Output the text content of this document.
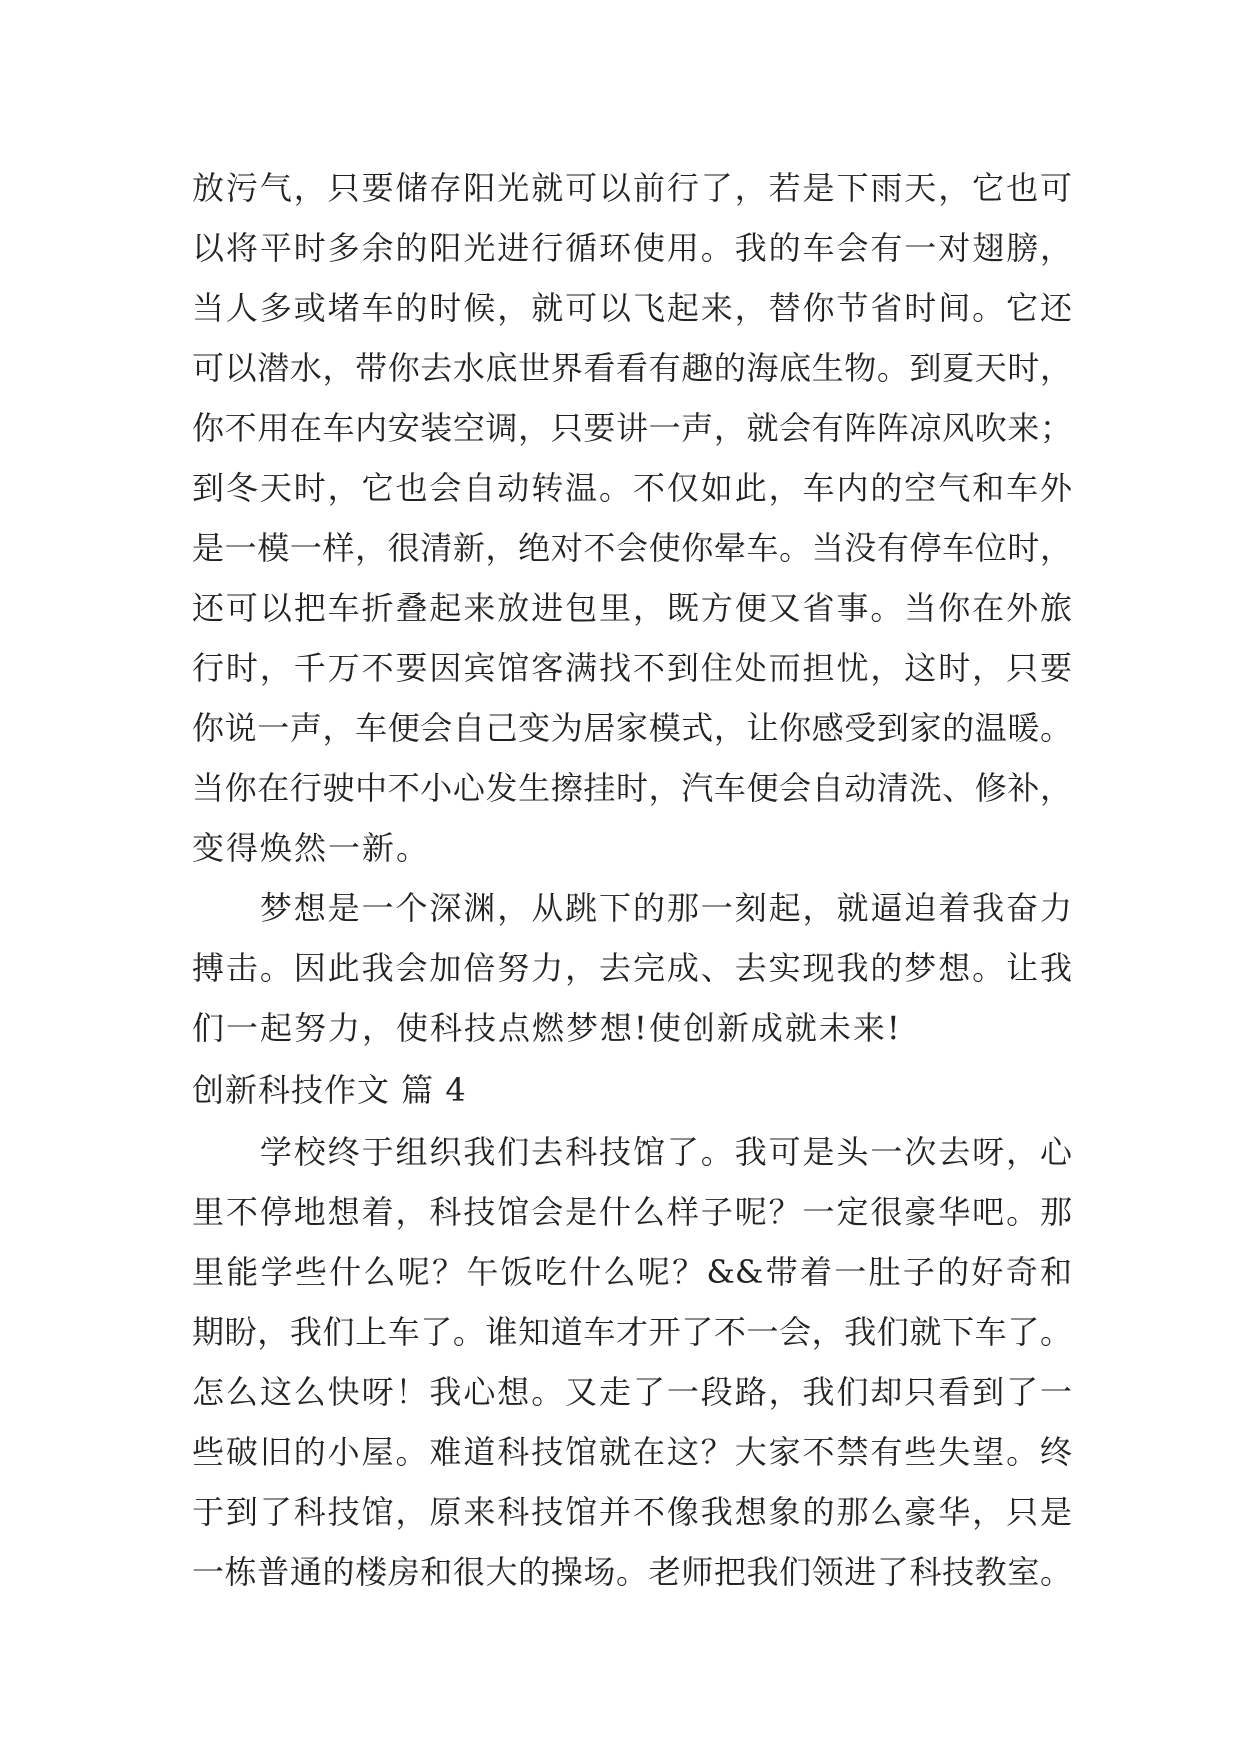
放污气，只要储存阳光就可以前行了，若是下雨天，它也可
以将平时多余的阳光进行循环使用。我的车会有一对翅膀，
当人多或堵车的时候，就可以飞起来，替你节省时间。它还
可以潜水，带你去水底世界看看有趣的海底生物。到夏天时，
你不用在车内安装空调，只要讲一声，就会有阵阵凉风吹来；
到冬天时，它也会自动转温。不仅如此，车内的空气和车外
是一模一样，很清新，绝对不会使你晕车。当没有停车位时，
还可以把车折叠起来放进包里，既方便又省事。当你在外旅
行时，千万不要因宾馆客满找不到住处而担忧，这时，只要
你说一声，车便会自己变为居家模式，让你感受到家的温暖。
当你在行驶中不小心发生擦挂时，汽车便会自动清洗、修补，
变得焕然一新。
　　梦想是一个深渊，从跳下的那一刻起，就逼迫着我奋力
搏击。因此我会加倍努力，去完成、去实现我的梦想。让我
们一起努力，使科技点燃梦想!使创新成就未来!
创新科技作文 篇 4
　　学校终于组织我们去科技馆了。我可是头一次去呀，心
里不停地想着，科技馆会是什么样子呢？一定很豪华吧。那
里能学些什么呢？午饭吃什么呢？&&带着一肚子的好奇和
期盼，我们上车了。谁知道车才开了不一会，我们就下车了。
怎么这么快呀！我心想。又走了一段路，我们却只看到了一
些破旧的小屋。难道科技馆就在这？大家不禁有些失望。终
于到了科技馆，原来科技馆并不像我想象的那么豪华，只是
一栋普通的楼房和很大的操场。老师把我们领进了科技教室。
